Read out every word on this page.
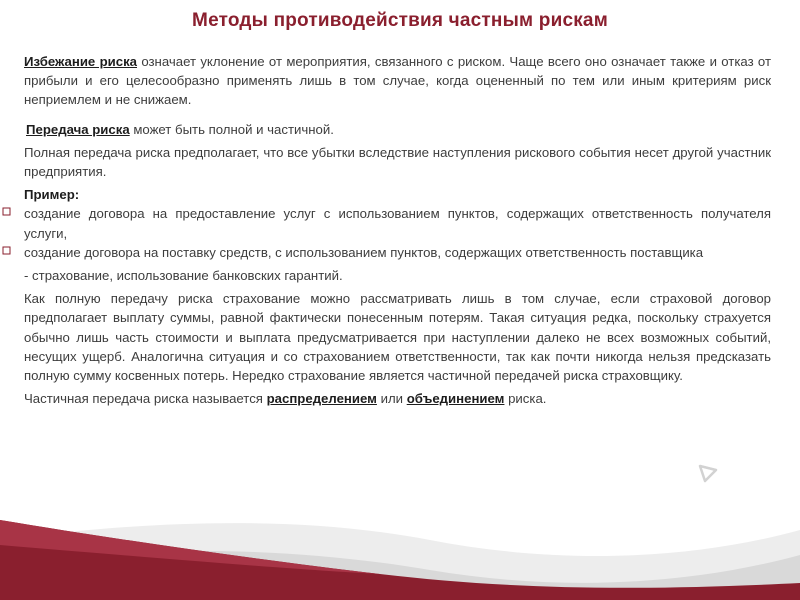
Методы противодействия частным рискам

Избежание риска означает уклонение от мероприятия, связанного с риском. Чаще всего оно означает также и отказ от прибыли и его целесообразно применять лишь в том случае, когда оцененный по тем или иным критериям риск неприемлем и не снижаем.

Передача риска может быть полной и частичной.

Полная передача риска предполагает, что все убытки вследствие наступления рискового события несет другой участник предприятия.

Пример:

создание договора на предоставление услуг с использованием пунктов, содержащих ответственность получателя услуги,

создание договора на поставку средств, с использованием пунктов, содержащих ответственность поставщика

- страхование, использование банковских гарантий.

Как полную передачу риска страхование можно рассматривать лишь в том случае, если страховой договор предполагает выплату суммы, равной фактически понесенным потерям. Такая ситуация редка, поскольку страхуется обычно лишь часть стоимости и выплата предусматривается при наступлении далеко не всех возможных событий, несущих ущерб. Аналогична ситуация и со страхованием ответственности, так как почти никогда нельзя предсказать полную сумму косвенных потерь. Нередко страхование является частичной передачей риска страховщику.

Частичная передача риска называется распределением или объединением риска.
